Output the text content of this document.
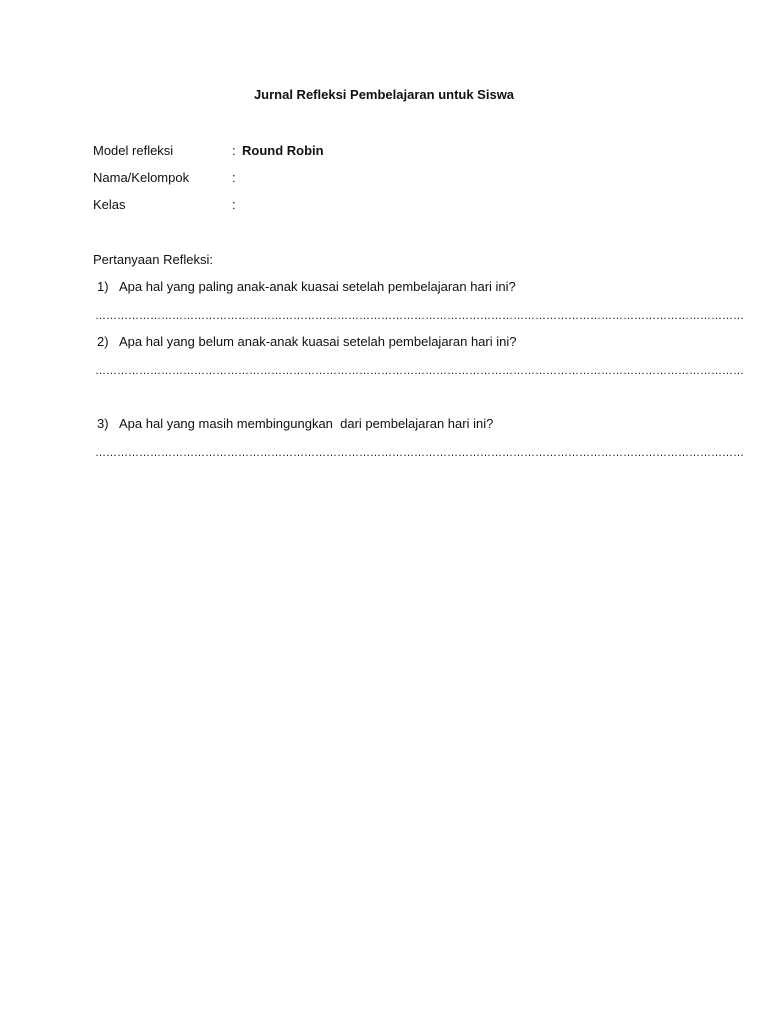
Jurnal Refleksi Pembelajaran untuk Siswa
Model refleksi	: Round Robin
Nama/Kelompok	:
Kelas	:
Pertanyaan Refleksi:
1) Apa hal yang paling anak-anak kuasai setelah pembelajaran hari ini?
……………………………………………………………………………………………………………………………………………………………
2) Apa hal yang belum anak-anak kuasai setelah pembelajaran hari ini?
……………………………………………………………………………………………………………………………………………………………
3) Apa hal yang masih membingungkan  dari pembelajaran hari ini?
……………………………………………………………………………………………………………………………………………………………
